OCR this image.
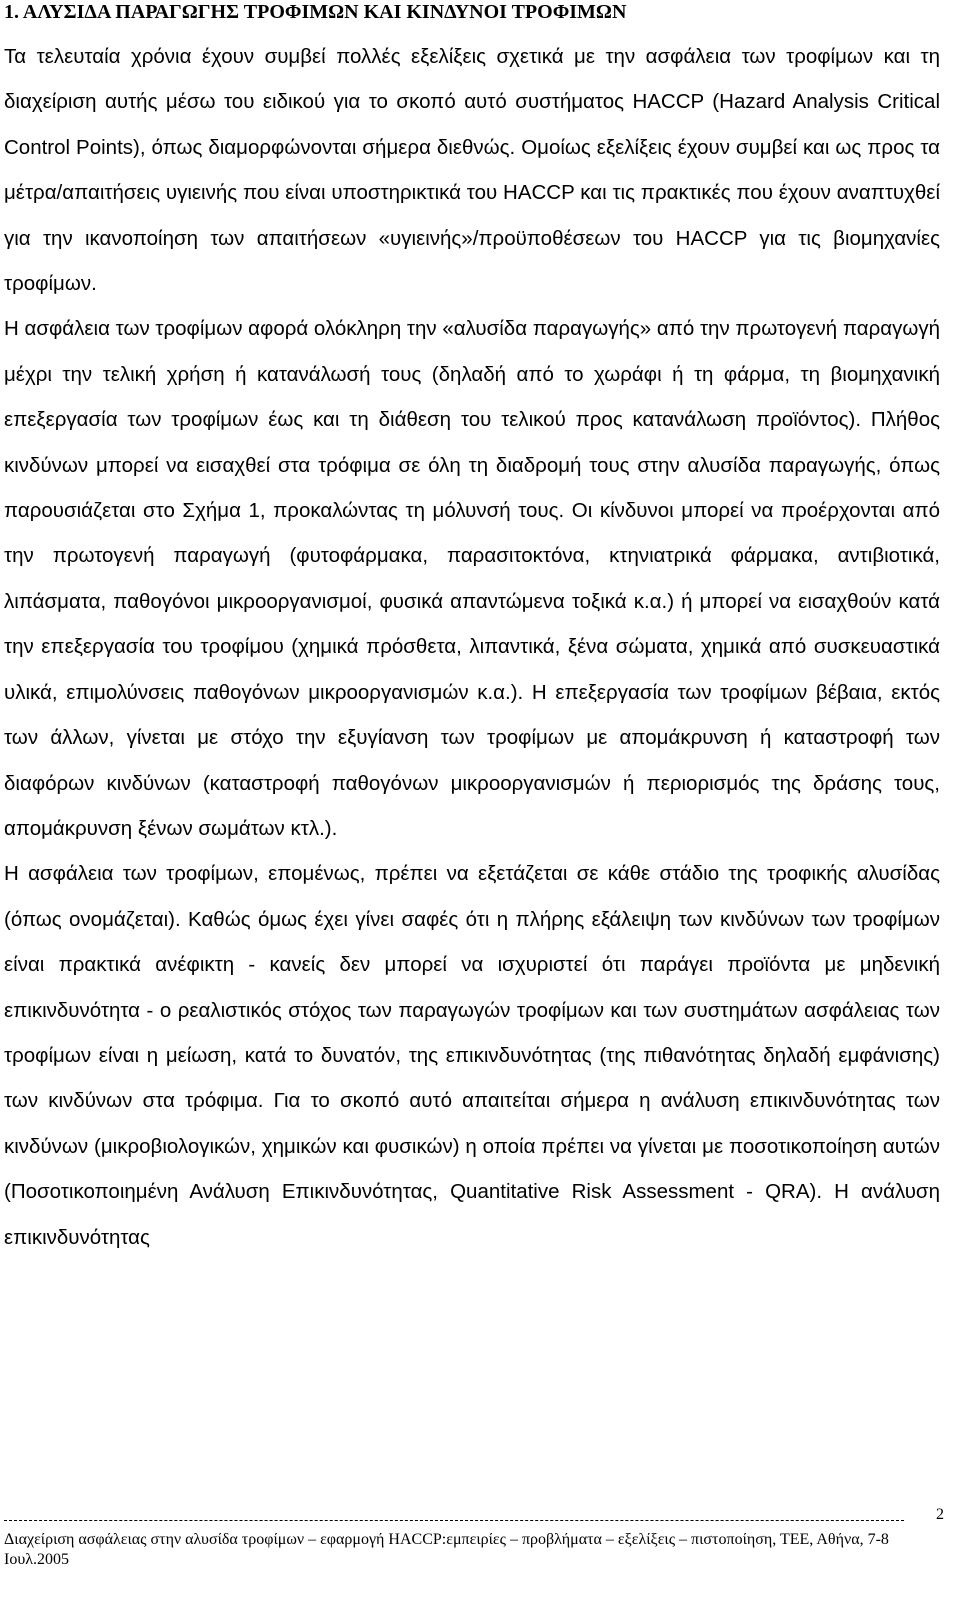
1. ΑΛΥΣΙΔΑ ΠΑΡΑΓΩΓΗΣ ΤΡΟΦΙΜΩΝ ΚΑΙ ΚΙΝΔΥΝΟΙ ΤΡΟΦΙΜΩΝ

Τα τελευταία χρόνια έχουν συμβεί πολλές εξελίξεις σχετικά με την ασφάλεια των τροφίμων και τη διαχείριση αυτής μέσω του ειδικού για το σκοπό αυτό συστήματος HACCP (Hazard Analysis Critical Control Points), όπως διαμορφώνονται σήμερα διεθνώς. Ομοίως εξελίξεις έχουν συμβεί και ως προς τα μέτρα/απαιτήσεις υγιεινής που είναι υποστηρικτικά του HACCP και τις πρακτικές που έχουν αναπτυχθεί για την ικανοποίηση των απαιτήσεων «υγιεινής»/προϋποθέσεων του HACCP για τις βιομηχανίες τροφίμων.

Η ασφάλεια των τροφίμων αφορά ολόκληρη την «αλυσίδα παραγωγής» από την πρωτογενή παραγωγή μέχρι την τελική χρήση ή κατανάλωσή τους (δηλαδή από το χωράφι ή τη φάρμα, τη βιομηχανική επεξεργασία των τροφίμων έως και τη διάθεση του τελικού προς κατανάλωση προϊόντος). Πλήθος κινδύνων μπορεί να εισαχθεί στα τρόφιμα σε όλη τη διαδρομή τους στην αλυσίδα παραγωγής, όπως παρουσιάζεται στο Σχήμα 1, προκαλώντας τη μόλυνσή τους. Οι κίνδυνοι μπορεί να προέρχονται από την πρωτογενή παραγωγή (φυτοφάρμακα, παρασιτοκτόνα, κτηνιατρικά φάρμακα, αντιβιοτικά, λιπάσματα, παθογόνοι μικροοργανισμοί, φυσικά απαντώμενα τοξικά κ.α.) ή μπορεί να εισαχθούν κατά την επεξεργασία του τροφίμου (χημικά πρόσθετα, λιπαντικά, ξένα σώματα, χημικά από συσκευαστικά υλικά, επιμολύνσεις παθογόνων μικροοργανισμών κ.α.). Η επεξεργασία των τροφίμων βέβαια, εκτός των άλλων, γίνεται με στόχο την εξυγίανση των τροφίμων με απομάκρυνση ή καταστροφή των διαφόρων κινδύνων (καταστροφή παθογόνων μικροοργανισμών ή περιορισμός της δράσης τους, απομάκρυνση ξένων σωμάτων κτλ.).

Η ασφάλεια των τροφίμων, επομένως, πρέπει να εξετάζεται σε κάθε στάδιο της τροφικής αλυσίδας (όπως ονομάζεται). Καθώς όμως έχει γίνει σαφές ότι η πλήρης εξάλειψη των κινδύνων των τροφίμων είναι πρακτικά ανέφικτη - κανείς δεν μπορεί να ισχυριστεί ότι παράγει προϊόντα με μηδενική επικινδυνότητα - ο ρεαλιστικός στόχος των παραγωγών τροφίμων και των συστημάτων ασφάλειας των τροφίμων είναι η μείωση, κατά το δυνατόν, της επικινδυνότητας (της πιθανότητας δηλαδή εμφάνισης) των κινδύνων στα τρόφιμα. Για το σκοπό αυτό απαιτείται σήμερα η ανάλυση επικινδυνότητας των κινδύνων (μικροβιολογικών, χημικών και φυσικών) η οποία πρέπει να γίνεται με ποσοτικοποίηση αυτών (Ποσοτικοποιημένη Ανάλυση Επικινδυνότητας, Quantitative Risk Assessment - QRA). Η ανάλυση επικινδυνότητας

2
Διαχείριση ασφάλειας στην αλυσίδα τροφίμων – εφαρμογή HACCP:εμπειρίες – προβλήματα – εξελίξεις – πιστοποίηση, ΤΕΕ, Αθήνα, 7-8 Ιουλ.2005
